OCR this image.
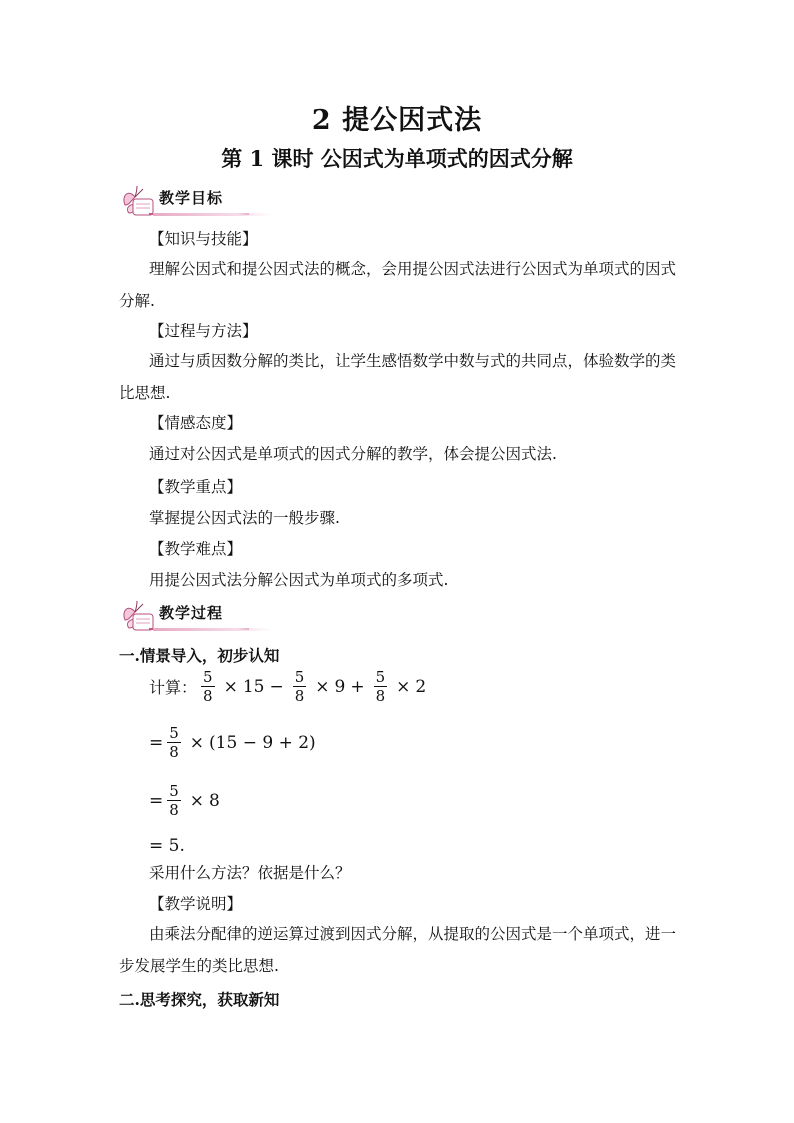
2 提公因式法
第 1 课时 公因式为单项式的因式分解
教学目标
【知识与技能】
理解公因式和提公因式法的概念，会用提公因式法进行公因式为单项式的因式分解.
【过程与方法】
通过与质因数分解的类比，让学生感悟数学中数与式的共同点，体验数学的类比思想.
【情感态度】
通过对公因式是单项式的因式分解的教学，体会提公因式法.
【教学重点】
掌握提公因式法的一般步骤.
【教学难点】
用提公因式法分解公因式为单项式的多项式.
教学过程
一.情景导入，初步认知
计算： $\frac{5}{8} \times 15 - \frac{5}{8} \times 9 + \frac{5}{8} \times 2$
= $\frac{5}{8} \times (15 - 9 + 2)$
= $\frac{5}{8} \times 8$
= 5.
采用什么方法？依据是什么？
【教学说明】
由乘法分配律的逆运算过渡到因式分解，从提取的公因式是一个单项式，进一步发展学生的类比思想.
二.思考探究，获取新知
